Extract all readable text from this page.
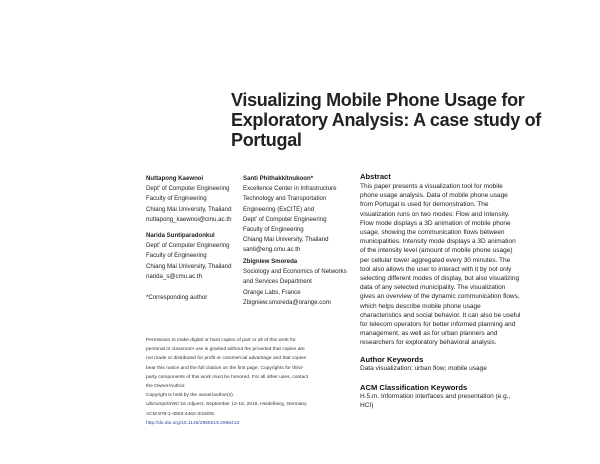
Visualizing Mobile Phone Usage for
Exploratory Analysis: A case study of
Portugal
Nuttapong Kaewnoi
Dept' of Computer Engineering
Faculty of Engineering
Chiang Mai University, Thailand
nuttapong_kaewnoi@cmu.ac.th
Narida Suntiparadonkul
Dept' of Computer Engineering
Faculty of Engineering
Chiang Mai University, Thailand
narida_s@cmu.ac.th
*Corresponding author
Santi Phithakkitnukoon*
Excellence Center in Infrastructure
Technology and Transportation
Engineering (ExCITE) and
Dept' of Computer Engineering
Faculty of Engineering
Chiang Mai University, Thailand
santi@eng.cmu.ac.th
Zbigniew Smoreda
Sociology and Economics of Networks
and Services Department
Orange Labs, France
Zbigniew.smoreda@orange.com
Permission to make digital or hard copies of part or all of this work for
personal or classroom use is granted without fee provided that copies are
not made or distributed for profit or commercial advantage and that copies
bear this notice and the full citation on the first page. Copyrights for third-
party components of this work must be honored. For all other uses, contact
the Owner/Author.
Copyright is held by the owner/author(s).
Ubicomp/ISWC'16 Adjunct, September 12-16, 2016, Heidelberg, Germany
ACM 978-1-4503-4462-3/16/09.
http://dx.doi.org/10.1145/2968219.2968413
Abstract
This paper presents a visualization tool for mobile
phone usage analysis. Data of mobile phone usage
from Portugal is used for demonstration. The
visualization runs on two modes: Flow and Intensity.
Flow mode displays a 3D animation of mobile phone
usage, showing the communication flows between
municipalities. Intensity mode displays a 3D animation
of the intensity level (amount of mobile phone usage)
per cellular tower aggregated every 30 minutes. The
tool also allows the user to interact with it by not only
selecting different modes of display, but also visualizing
data of any selected municipality. The visualization
gives an overview of the dynamic communication flows,
which helps describe mobile phone usage
characteristics and social behavior. It can also be useful
for telecom operators for better informed planning and
management, as well as for urban planners and
researchers for exploratory behavioral analysis.
Author Keywords
Data visualization; urban flow; mobile usage
ACM Classification Keywords
H.5.m. Information interfaces and presentation (e.g.,
HCI)
